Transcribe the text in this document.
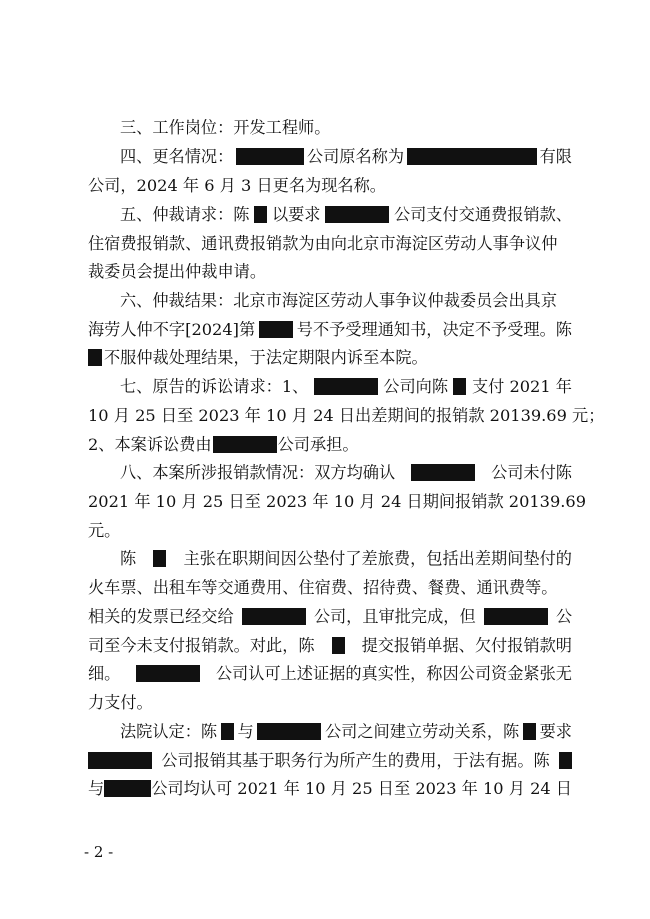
三、工作岗位：开发工程师。
四、更名情况：	公司原名称为	有限
公司，2024 年 6 月 3 日更名为现名称。
五、仲裁请求：陈 以要求	公司支付交通费报销款、
住宿费报销款、通讯费报销款为由向北京市海淀区劳动人事争议仲
裁委员会提出仲裁申请。
六、仲裁结果：北京市海淀区劳动人事争议仲裁委员会出具京
海劳人仲不字[2024]第	号不予受理通知书，决定不予受理。陈
不服仲裁处理结果，于法定期限内诉至本院。
七、原告的诉讼请求：1、	公司向陈 支付 2021 年
10 月 25 日至 2023 年 10 月 24 日出差期间的报销款 20139.69 元；
2、本案诉讼费由	公司承担。
八、本案所涉报销款情况：双方均确认	公司未付陈
2021 年 10 月 25 日至 2023 年 10 月 24 日期间报销款 20139.69
元。
陈	主张在职期间因公垫付了差旅费，包括出差期间垫付的
火车票、出租车等交通费用、住宿费、招待费、餐费、通讯费等。
相关的发票已经交给	公司，且审批完成，但	公
司至今未支付报销款。对此，陈	提交报销单据、欠付报销款明
细。	公司认可上述证据的真实性，称因公司资金紧张无
力支付。
法院认定：陈 与	公司之间建立劳动关系，陈 要求
公司报销其基于职务行为所产生的费用，于法有据。陈
与	公司均认可 2021 年 10 月 25 日至 2023 年 10 月 24 日
- 2 -
